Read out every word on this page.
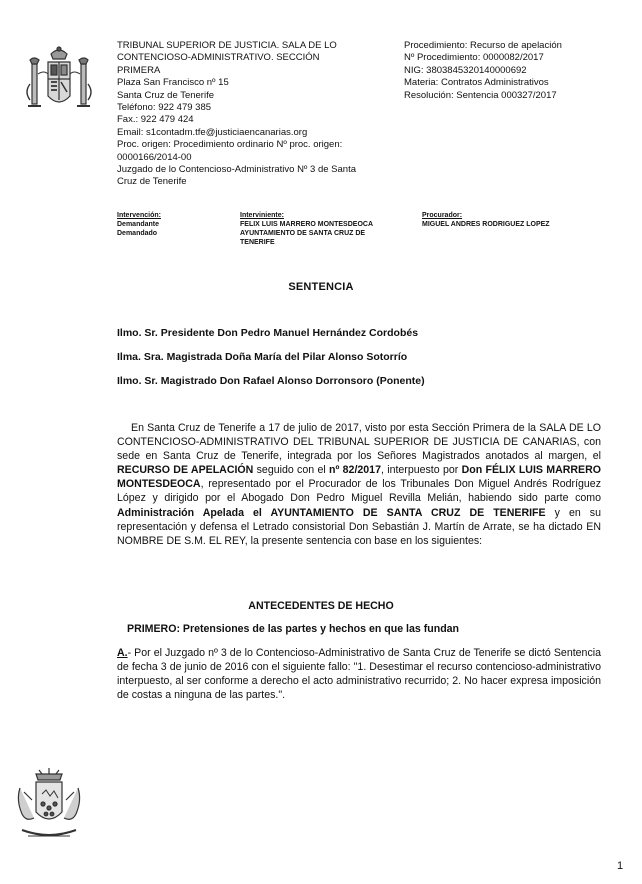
TRIBUNAL SUPERIOR DE JUSTICIA. SALA DE LO
CONTENCIOSO-ADMINISTRATIVO. SECCIÓN
PRIMERA
Plaza San Francisco nº 15
Santa Cruz de Tenerife
Teléfono: 922 479 385
Fax.: 922 479 424
Email: s1contadm.tfe@justiciaencanarias.org
Proc. origen: Procedimiento ordinario Nº proc. origen:
0000166/2014-00
Juzgado de lo Contencioso-Administrativo Nº 3 de Santa
Cruz de Tenerife
Procedimiento: Recurso de apelación
Nº Procedimiento: 0000082/2017
NIG: 3803845320140000692
Materia: Contratos Administrativos
Resolución: Sentencia 000327/2017
Intervención:
Demandante
Demandado
Interviniente:
FELIX LUIS MARRERO MONTESDEOCA
AYUNTAMIENTO DE SANTA CRUZ DE
TENERIFE
Procurador:
MIGUEL ANDRES RODRIGUEZ LOPEZ
SENTENCIA
Ilmo. Sr. Presidente Don Pedro Manuel Hernández Cordobés
Ilma. Sra. Magistrada Doña María del Pilar Alonso Sotorrío
Ilmo. Sr. Magistrado Don Rafael Alonso Dorronsoro (Ponente)
En Santa Cruz de Tenerife a 17 de julio de 2017, visto por esta Sección Primera de la SALA DE LO CONTENCIOSO-ADMINISTRATIVO DEL TRIBUNAL SUPERIOR DE JUSTICIA DE CANARIAS, con sede en Santa Cruz de Tenerife, integrada por los Señores Magistrados anotados al margen, el RECURSO DE APELACIÓN seguido con el nº 82/2017, interpuesto por Don FÉLIX LUIS MARRERO MONTESDEOCA, representado por el Procurador de los Tribunales Don Miguel Andrés Rodríguez López y dirigido por el Abogado Don Pedro Miguel Revilla Melián, habiendo sido parte como Administración Apelada el AYUNTAMIENTO DE SANTA CRUZ DE TENERIFE y en su representación y defensa el Letrado consistorial Don Sebastián J. Martín de Arrate, se ha dictado EN NOMBRE DE S.M. EL REY, la presente sentencia con base en los siguientes:
ANTECEDENTES DE HECHO
PRIMERO: Pretensiones de las partes y hechos en que las fundan
A.- Por el Juzgado nº 3 de lo Contencioso-Administrativo de Santa Cruz de Tenerife se dictó Sentencia de fecha 3 de junio de 2016 con el siguiente fallo: "1. Desestimar el recurso contencioso-administrativo interpuesto, al ser conforme a derecho el acto administrativo recurrido; 2. No hacer expresa imposición de costas a ninguna de las partes.".
1
